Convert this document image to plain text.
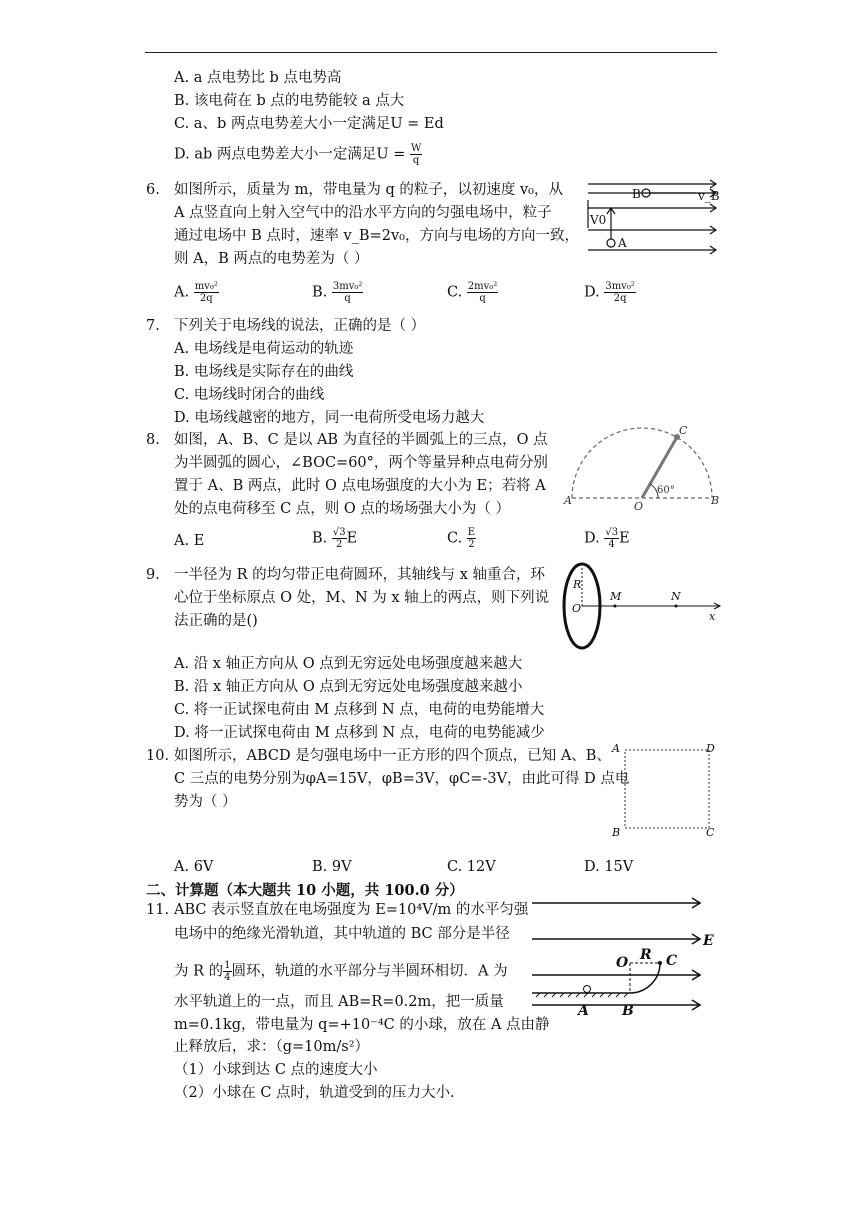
A. a 点电势比 b 点电势高
B. 该电荷在 b 点的电势能较 a 点大
C. a、b 两点电势差大小一定满足U = Ed
D. ab 两点电势差大小一定满足$U = \frac{W}{q}$
6. 如图所示，质量为 m，带电量为 q 的粒子，以初速度 v₀，从
A 点竖直向上射入空气中的沿水平方向的匀强电场中，粒子
通过电场中 B 点时，速率 v_B=2v₀，方向与电场的方向一致，
则 A，B 两点的电势差为（ ）
A. $\frac{\text{mv₀²}}{2q}$	B. $\frac{\text{3mv₀²}}{q}$	C. $\frac{\text{2mv₀²}}{q}$	D. $\frac{\text{3mv₀²}}{2q}$
B	v_B
V0
A
7. 下列关于电场线的说法，正确的是（ ）
A. 电场线是电荷运动的轨迹
B. 电场线是实际存在的曲线
C. 电场线时闭合的曲线
D. 电场线越密的地方，同一电荷所受电场力越大
8. 如图，A、B、C 是以 AB 为直径的半圆弧上的三点，O 点
为半圆弧的圆心，∠BOC=60°，两个等量异种点电荷分别
置于 A、B 两点，此时 O 点电场强度的大小为 E；若将 A
处的点电荷移至 C 点，则 O 点的场场强大小为（ ）
A. E	B. $\frac{√3}{2}$ E	C. $\frac{E}{2}$	D. $\frac{√3}{4}$ E
A	B
C
O
60°
9. 一半径为 R 的均匀带正电荷圆环，其轴线与 x 轴重合，环
心位于坐标原点 O 处，M、N 为 x 轴上的两点，则下列说
法正确的是()
A. 沿 x 轴正方向从 O 点到无穷远处电场强度越来越大
B. 沿 x 轴正方向从 O 点到无穷远处电场强度越来越小
C. 将一正试探电荷由 M 点移到 N 点，电荷的电势能增大
D. 将一正试探电荷由 M 点移到 N 点，电荷的电势能减少
R
O
M	N
x
10. 如图所示，ABCD 是匀强电场中一正方形的四个顶点，已知 A、B、
C 三点的电势分别为φA=15V，φB=3V，φC=-3V，由此可得 D 点电
势为（ ）
A. 6V	B. 9V	C. 12V	D. 15V
A	D
B	C
二、计算题（本大题共 10 小题，共 100.0 分）
11. ABC 表示竖直放在电场强度为 E=10⁴V/m 的水平匀强
电场中的绝缘光滑轨道，其中轨道的 BC 部分是半径
为 R 的 $\frac{1}{4}$ 圆环，轨道的水平部分与半圆环相切．A 为
水平轨道上的一点，而且 AB=R=0.2m，把一质量
m=0.1kg，带电量为 q=+10⁻⁴C 的小球，放在 A 点由静
止释放后，求：（g=10m/s²）
（1）小球到达 C 点的速度大小
（2）小球在 C 点时，轨道受到的压力大小.
E
O R C
A B
